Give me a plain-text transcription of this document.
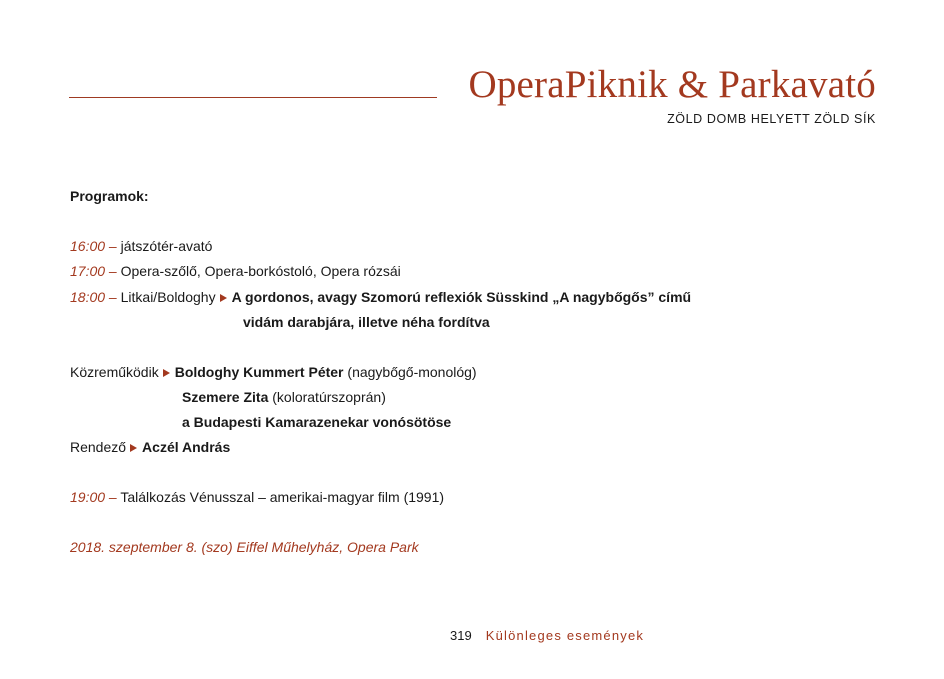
OperaPiknik & Parkavató
ZÖLD DOMB HELYETT ZÖLD SÍK
Programok:
16:00 – játszótér-avató
17:00 – Opera-szőlő, Opera-borkóstoló, Opera rózsái
18:00 – Litkai/Boldoghy A gordonos, avagy Szomorú reflexiók Süsskind „A nagybőgős” című
vidám darabjára, illetve néha fordítva
Közreműködik Boldoghy Kummert Péter (nagybőgő-monológ)
Szemere Zita (koloratúrszoprán)
a Budapesti Kamarazenekar vonósötöse
Rendező Aczél András
19:00 – Találkozás Vénusszal – amerikai-magyar film (1991)
2018. szeptember 8. (szo) Eiffel Műhelyház, Opera Park
319 Különleges események
